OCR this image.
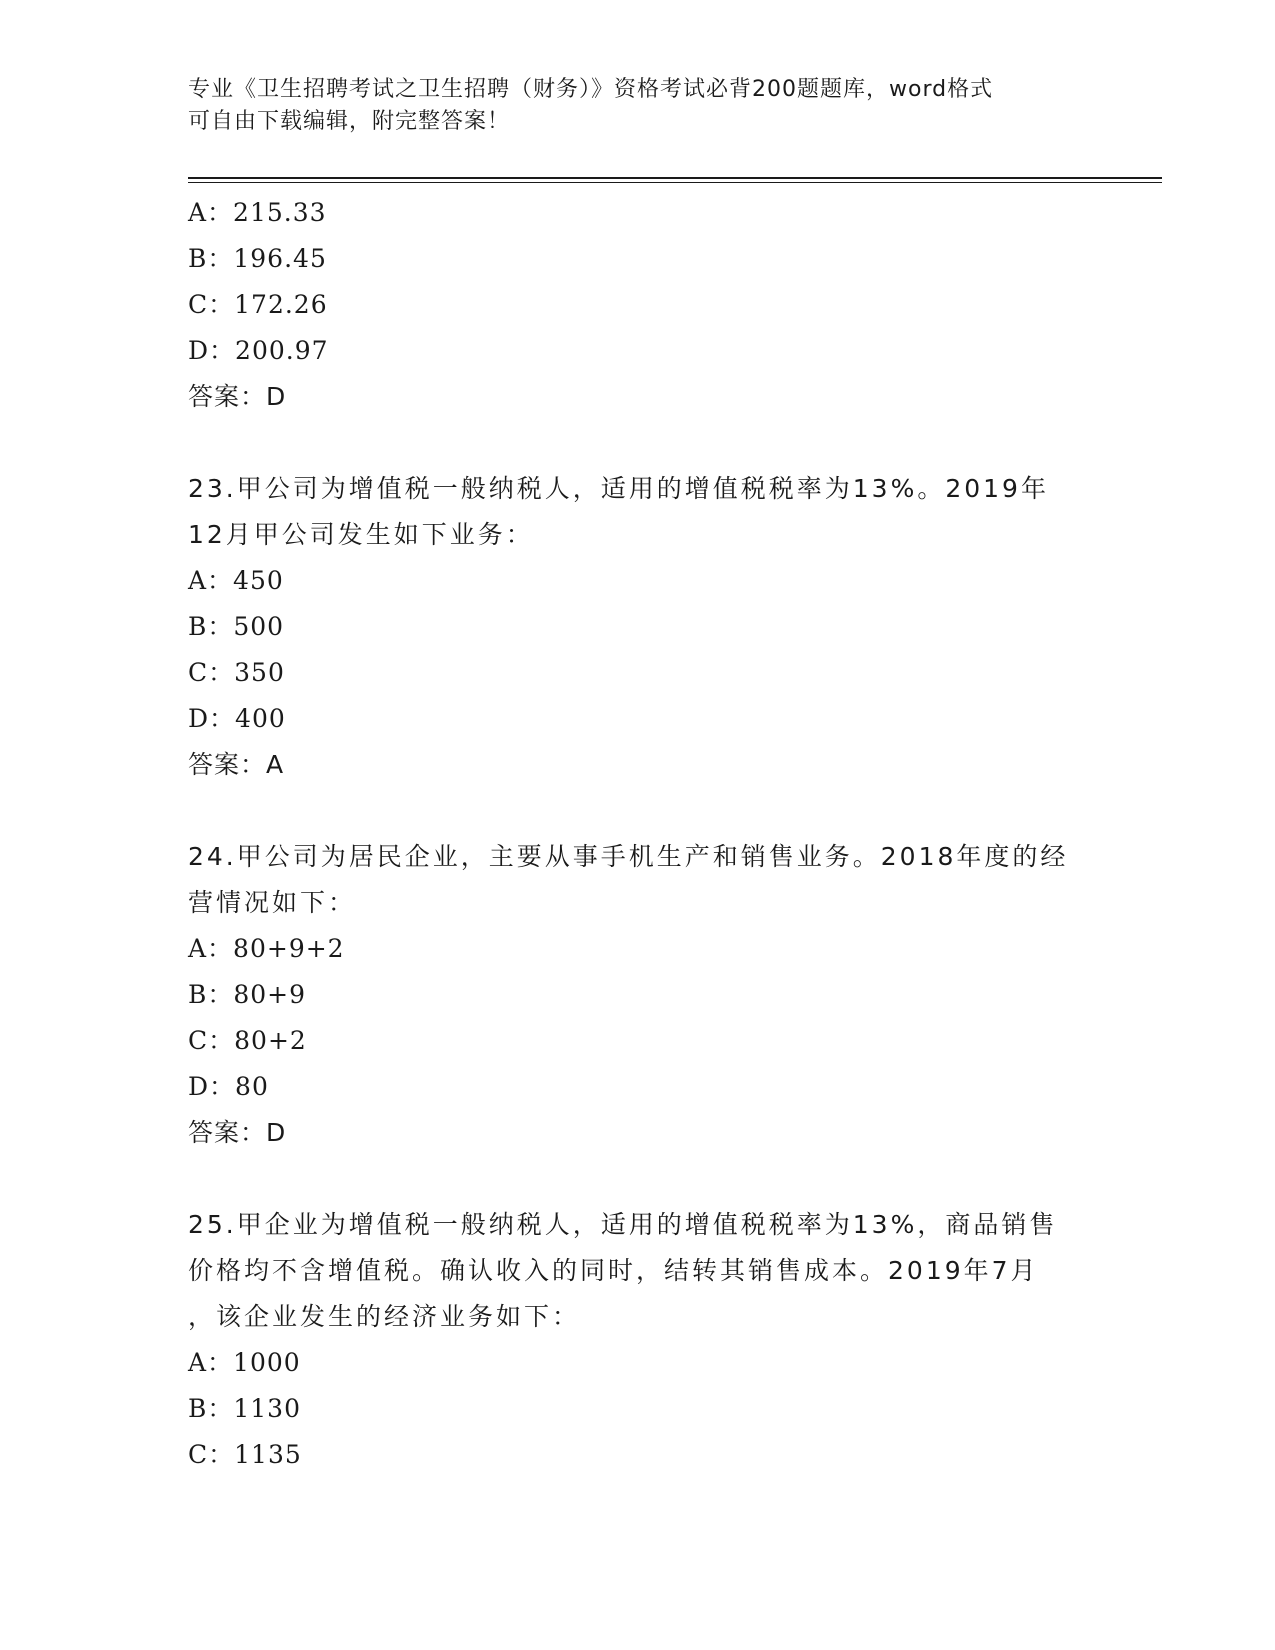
专业《卫生招聘考试之卫生招聘（财务）》资格考试必背200题题库，word格式
可自由下载编辑，附完整答案！
A：215.33
B：196.45
C：172.26
D：200.97
答案：D
23.甲公司为增值税一般纳税人，适用的增值税税率为13%。2019年
12月甲公司发生如下业务：
A：450
B：500
C：350
D：400
答案：A
24.甲公司为居民企业，主要从事手机生产和销售业务。2018年度的经
营情况如下：
A：80+9+2
B：80+9
C：80+2
D：80
答案：D
25.甲企业为增值税一般纳税人，适用的增值税税率为13%，商品销售
价格均不含增值税。确认收入的同时，结转其销售成本。2019年7月
，该企业发生的经济业务如下：
A：1000
B：1130
C：1135
